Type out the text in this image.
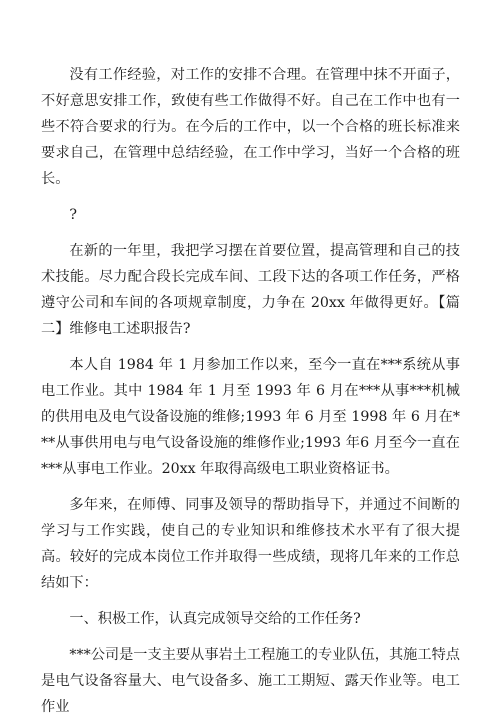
没有工作经验，对工作的安排不合理。在管理中抹不开面子，不好意思安排工作，致使有些工作做得不好。自己在工作中也有一些不符合要求的行为。在今后的工作中，以一个合格的班长标准来要求自己，在管理中总结经验，在工作中学习，当好一个合格的班长。

?

在新的一年里，我把学习摆在首要位置，提高管理和自己的技术技能。尽力配合段长完成车间、工段下达的各项工作任务，严格遵守公司和车间的各项规章制度，力争在 20xx 年做得更好。【篇二】维修电工述职报告?

本人自 1984 年 1 月参加工作以来，至今一直在***系统从事电工作业。其中 1984 年 1 月至 1993 年 6 月在***从事***机械的供用电及电气设备设施的维修;1993 年 6 月至 1998 年 6 月在***从事供用电与电气设备设施的维修作业;1993 年6 月至今一直在***从事电工作业。20xx 年取得高级电工职业资格证书。

多年来，在师傅、同事及领导的帮助指导下，并通过不间断的学习与工作实践，使自己的专业知识和维修技术水平有了很大提高。较好的完成本岗位工作并取得一些成绩，现将几年来的工作总结如下：

一、积极工作，认真完成领导交给的工作任务?

***公司是一支主要从事岩土工程施工的专业队伍，其施工特点是电气设备容量大、电气设备多、施工工期短、露天作业等。电工作业
